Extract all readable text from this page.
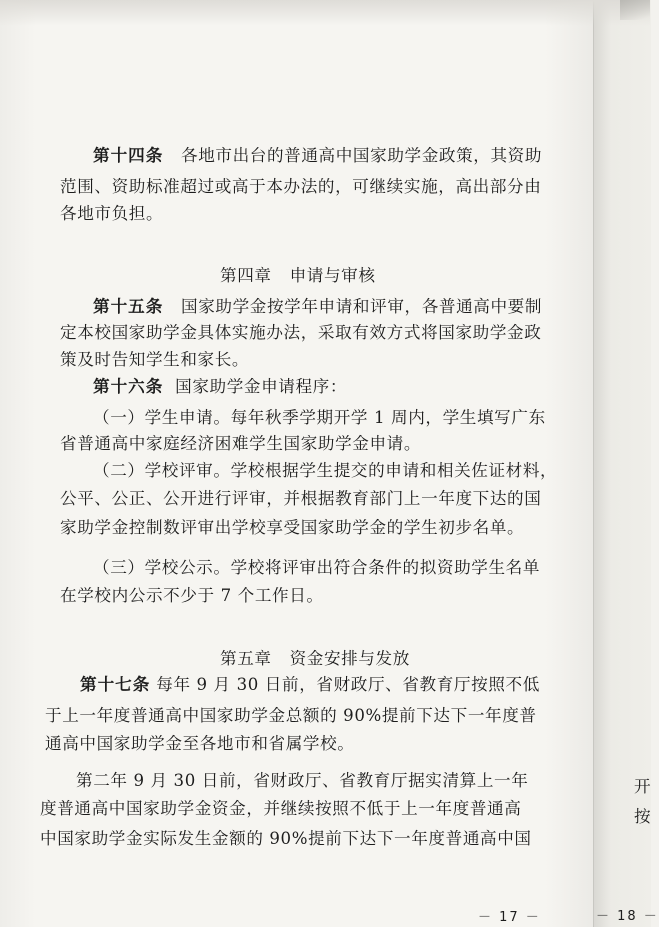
第十四条 各地市出台的普通高中国家助学金政策，其资助
范围、资助标准超过或高于本办法的，可继续实施，高出部分由
各地市负担。
第四章 申请与审核
第十五条 国家助学金按学年申请和评审，各普通高中要制
定本校国家助学金具体实施办法，采取有效方式将国家助学金政
策及时告知学生和家长。
第十六条 国家助学金申请程序：
（一）学生申请。每年秋季学期开学 1 周内，学生填写广东
省普通高中家庭经济困难学生国家助学金申请。
（二）学校评审。学校根据学生提交的申请和相关佐证材料，
公平、公正、公开进行评审，并根据教育部门上一年度下达的国
家助学金控制数评审出学校享受国家助学金的学生初步名单。
（三）学校公示。学校将评审出符合条件的拟资助学生名单
在学校内公示不少于 7 个工作日。
第五章 资金安排与发放
第十七条 每年 9 月 30 日前，省财政厅、省教育厅按照不低
于上一年度普通高中国家助学金总额的 90%提前下达下一年度普
通高中国家助学金至各地市和省属学校。
第二年 9 月 30 日前，省财政厅、省教育厅据实清算上一年
度普通高中国家助学金资金，并继续按照不低于上一年度普通高
中国家助学金实际发生金额的 90%提前下达下一年度普通高中国
开
按
－ 17 －	－ 18 －
